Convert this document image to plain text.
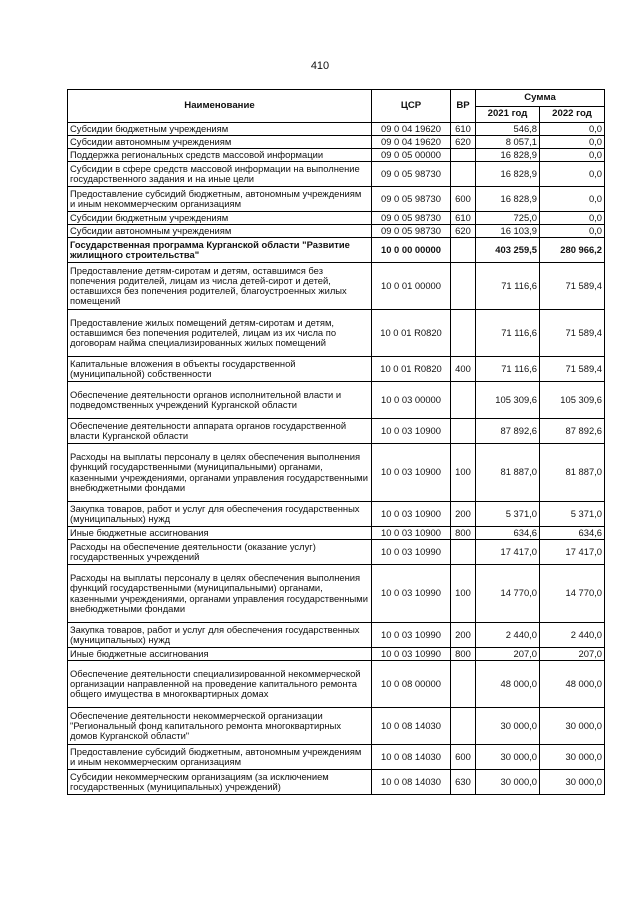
410
Наименование	ЦСР	ВР	Сумма	
			2021 год	2022 год
Субсидии бюджетным учреждениям	09 0 04 19620	610	546,8	0,0
Субсидии автономным учреждениям	09 0 04 19620	620	8 057,1	0,0
Поддержка региональных средств массовой информации	09 0 05 00000		16 828,9	0,0
Субсидии в сфере средств массовой информации на выполнение государственного задания и на иные цели	09 0 05 98730		16 828,9	0,0
Предоставление субсидий бюджетным, автономным учреждениям и иным некоммерческим организациям	09 0 05 98730	600	16 828,9	0,0
Субсидии бюджетным учреждениям	09 0 05 98730	610	725,0	0,0
Субсидии автономным учреждениям	09 0 05 98730	620	16 103,9	0,0
Государственная программа Курганской области "Развитие жилищного строительства"	10 0 00 00000		403 259,5	280 966,2
Предоставление детям-сиротам и детям, оставшимся без попечения родителей, лицам из числа детей-сирот и детей, оставшихся без попечения родителей, благоустроенных жилых помещений	10 0 01 00000		71 116,6	71 589,4
Предоставление жилых помещений детям-сиротам и детям, оставшимся без попечения родителей, лицам из их числа по договорам найма специализированных жилых помещений	10 0 01 R0820		71 116,6	71 589,4
Капитальные вложения в объекты государственной (муниципальной) собственности	10 0 01 R0820	400	71 116,6	71 589,4
Обеспечение деятельности органов исполнительной власти и подведомственных учреждений Курганской области	10 0 03 00000		105 309,6	105 309,6
Обеспечение деятельности аппарата органов государственной власти Курганской области	10 0 03 10900		87 892,6	87 892,6
Расходы на выплаты персоналу в целях обеспечения выполнения функций государственными (муниципальными) органами, казенными учреждениями, органами управления государственными внебюджетными фондами	10 0 03 10900	100	81 887,0	81 887,0
Закупка товаров, работ и услуг для обеспечения государственных (муниципальных) нужд	10 0 03 10900	200	5 371,0	5 371,0
Иные бюджетные ассигнования	10 0 03 10900	800	634,6	634,6
Расходы на обеспечение деятельности (оказание услуг) государственных учреждений	10 0 03 10990		17 417,0	17 417,0
Расходы на выплаты персоналу в целях обеспечения выполнения функций государственными (муниципальными) органами, казенными учреждениями, органами управления государственными внебюджетными фондами	10 0 03 10990	100	14 770,0	14 770,0
Закупка товаров, работ и услуг для обеспечения государственных (муниципальных) нужд	10 0 03 10990	200	2 440,0	2 440,0
Иные бюджетные ассигнования	10 0 03 10990	800	207,0	207,0
Обеспечение деятельности специализированной некоммерческой организации направленной на проведение капитального ремонта общего имущества в многоквартирных домах	10 0 08 00000		48 000,0	48 000,0
Обеспечение деятельности некоммерческой организации "Региональный фонд капитального ремонта многоквартирных домов Курганской области"	10 0 08 14030		30 000,0	30 000,0
Предоставление субсидий бюджетным, автономным учреждениям и иным некоммерческим организациям	10 0 08 14030	600	30 000,0	30 000,0
Субсидии некоммерческим организациям (за исключением государственных (муниципальных) учреждений)	10 0 08 14030	630	30 000,0	30 000,0
